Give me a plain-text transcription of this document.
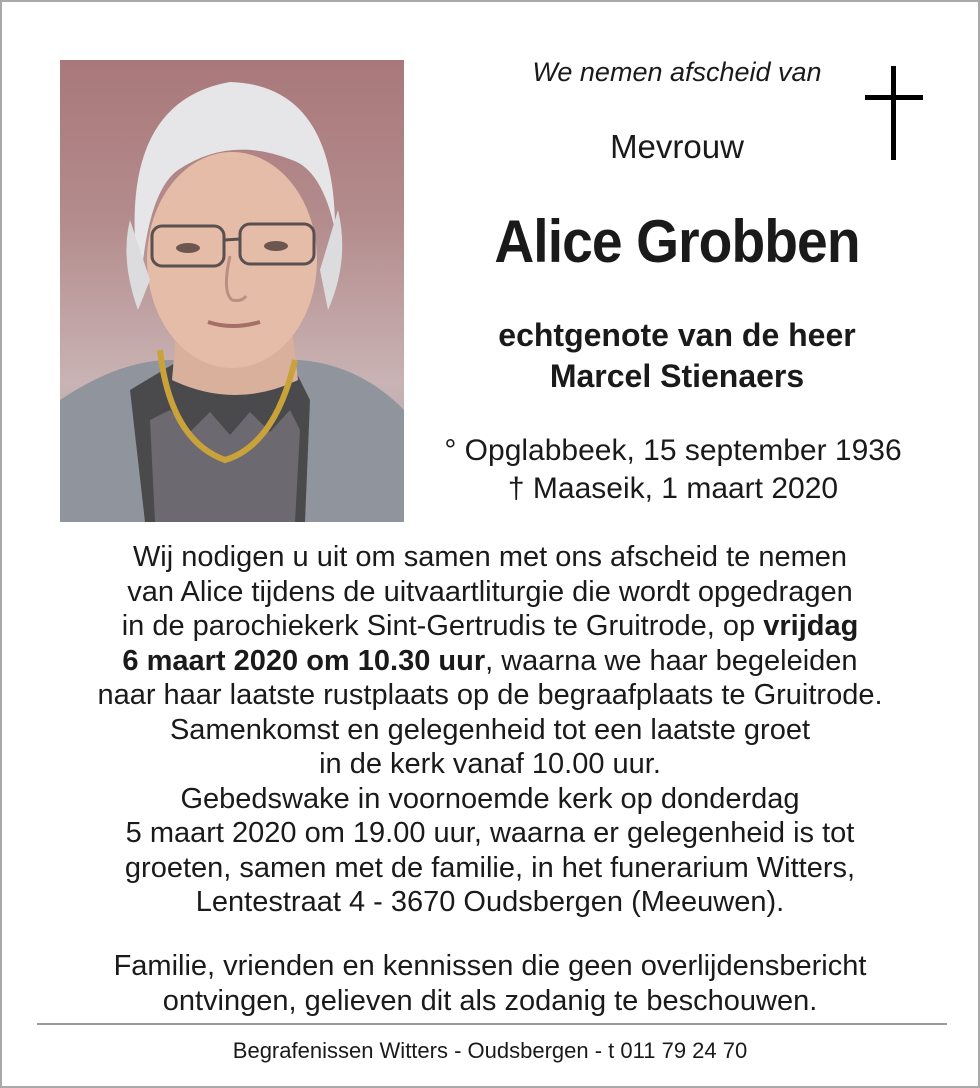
We nemen afscheid van
Mevrouw
Alice Grobben
echtgenote van de heer
Marcel Stienaers
° Opglabbeek, 15 september 1936
† Maaseik, 1 maart 2020
Wij nodigen u uit om samen met ons afscheid te nemen
van Alice tijdens de uitvaartliturgie die wordt opgedragen
in de parochiekerk Sint-Gertrudis te Gruitrode, op vrijdag
6 maart 2020 om 10.30 uur, waarna we haar begeleiden
naar haar laatste rustplaats op de begraafplaats te Gruitrode.
Samenkomst en gelegenheid tot een laatste groet
in de kerk vanaf 10.00 uur.
Gebedswake in voornoemde kerk op donderdag
5 maart 2020 om 19.00 uur, waarna er gelegenheid is tot
groeten, samen met de familie, in het funerarium Witters,
Lentestraat 4 - 3670 Oudsbergen (Meeuwen).
Familie, vrienden en kennissen die geen overlijdensbericht
ontvingen, gelieven dit als zodanig te beschouwen.
Begrafenissen Witters - Oudsbergen - t 011 79 24 70
